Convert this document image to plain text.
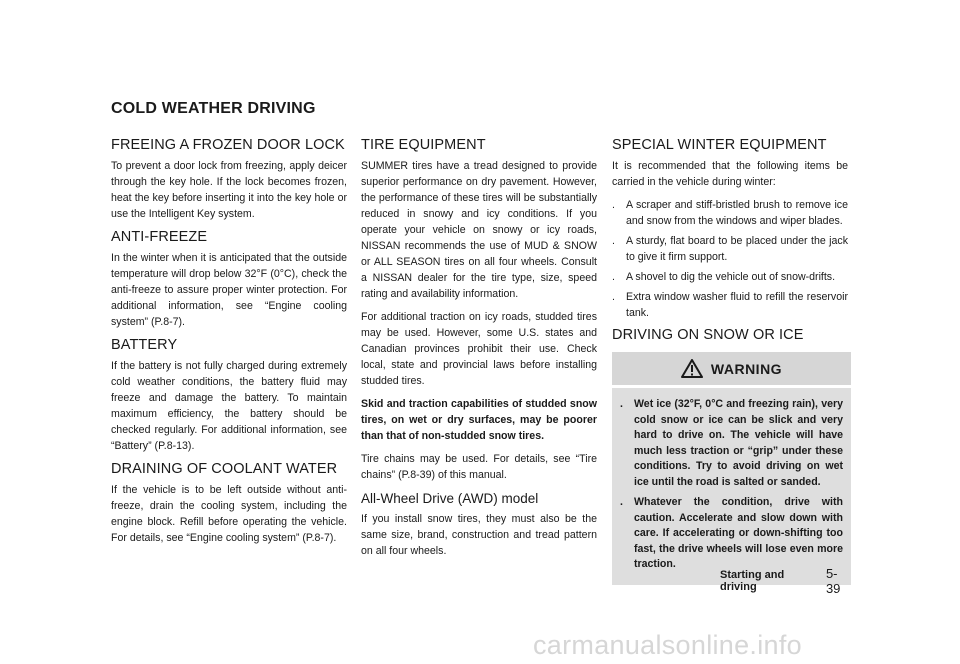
COLD WEATHER DRIVING
FREEING A FROZEN DOOR LOCK

To prevent a door lock from freezing, apply deicer through the key hole. If the lock becomes frozen, heat the key before inserting it into the key hole or use the Intelligent Key system.

ANTI-FREEZE

In the winter when it is anticipated that the outside temperature will drop below 32°F (0°C), check the anti-freeze to assure proper winter protection. For additional information, see “Engine cooling system” (P.8-7).

BATTERY

If the battery is not fully charged during extremely cold weather conditions, the battery fluid may freeze and damage the battery. To maintain maximum efficiency, the battery should be checked regularly. For additional information, see “Battery” (P.8-13).

DRAINING OF COOLANT WATER

If the vehicle is to be left outside without anti-freeze, drain the cooling system, including the engine block. Refill before operating the vehicle. For details, see “Engine cooling system” (P.8-7).

TIRE EQUIPMENT

SUMMER tires have a tread designed to provide superior performance on dry pavement. However, the performance of these tires will be substantially reduced in snowy and icy conditions. If you operate your vehicle on snowy or icy roads, NISSAN recommends the use of MUD & SNOW or ALL SEASON tires on all four wheels. Consult a NISSAN dealer for the tire type, size, speed rating and availability information.

For additional traction on icy roads, studded tires may be used. However, some U.S. states and Canadian provinces prohibit their use. Check local, state and provincial laws before installing studded tires.

Skid and traction capabilities of studded snow tires, on wet or dry surfaces, may be poorer than that of non-studded snow tires.

Tire chains may be used. For details, see “Tire chains” (P.8-39) of this manual.

All-Wheel Drive (AWD) model

If you install snow tires, they must also be the same size, brand, construction and tread pattern on all four wheels.

SPECIAL WINTER EQUIPMENT

It is recommended that the following items be carried in the vehicle during winter:

. A scraper and stiff-bristled brush to remove ice and snow from the windows and wiper blades.
. A sturdy, flat board to be placed under the jack to give it firm support.
. A shovel to dig the vehicle out of snow-drifts.
. Extra window washer fluid to refill the reservoir tank.
DRIVING ON SNOW OR ICE
WARNING
. Wet ice (32°F, 0°C and freezing rain), very cold snow or ice can be slick and very hard to drive on. The vehicle will have much less traction or “grip” under these conditions. Try to avoid driving on wet ice until the road is salted or sanded.
. Whatever the condition, drive with caution. Accelerate and slow down with care. If accelerating or down-shifting too fast, the drive wheels will lose even more traction.
Starting and driving
5-39
carmanualsonline.info
